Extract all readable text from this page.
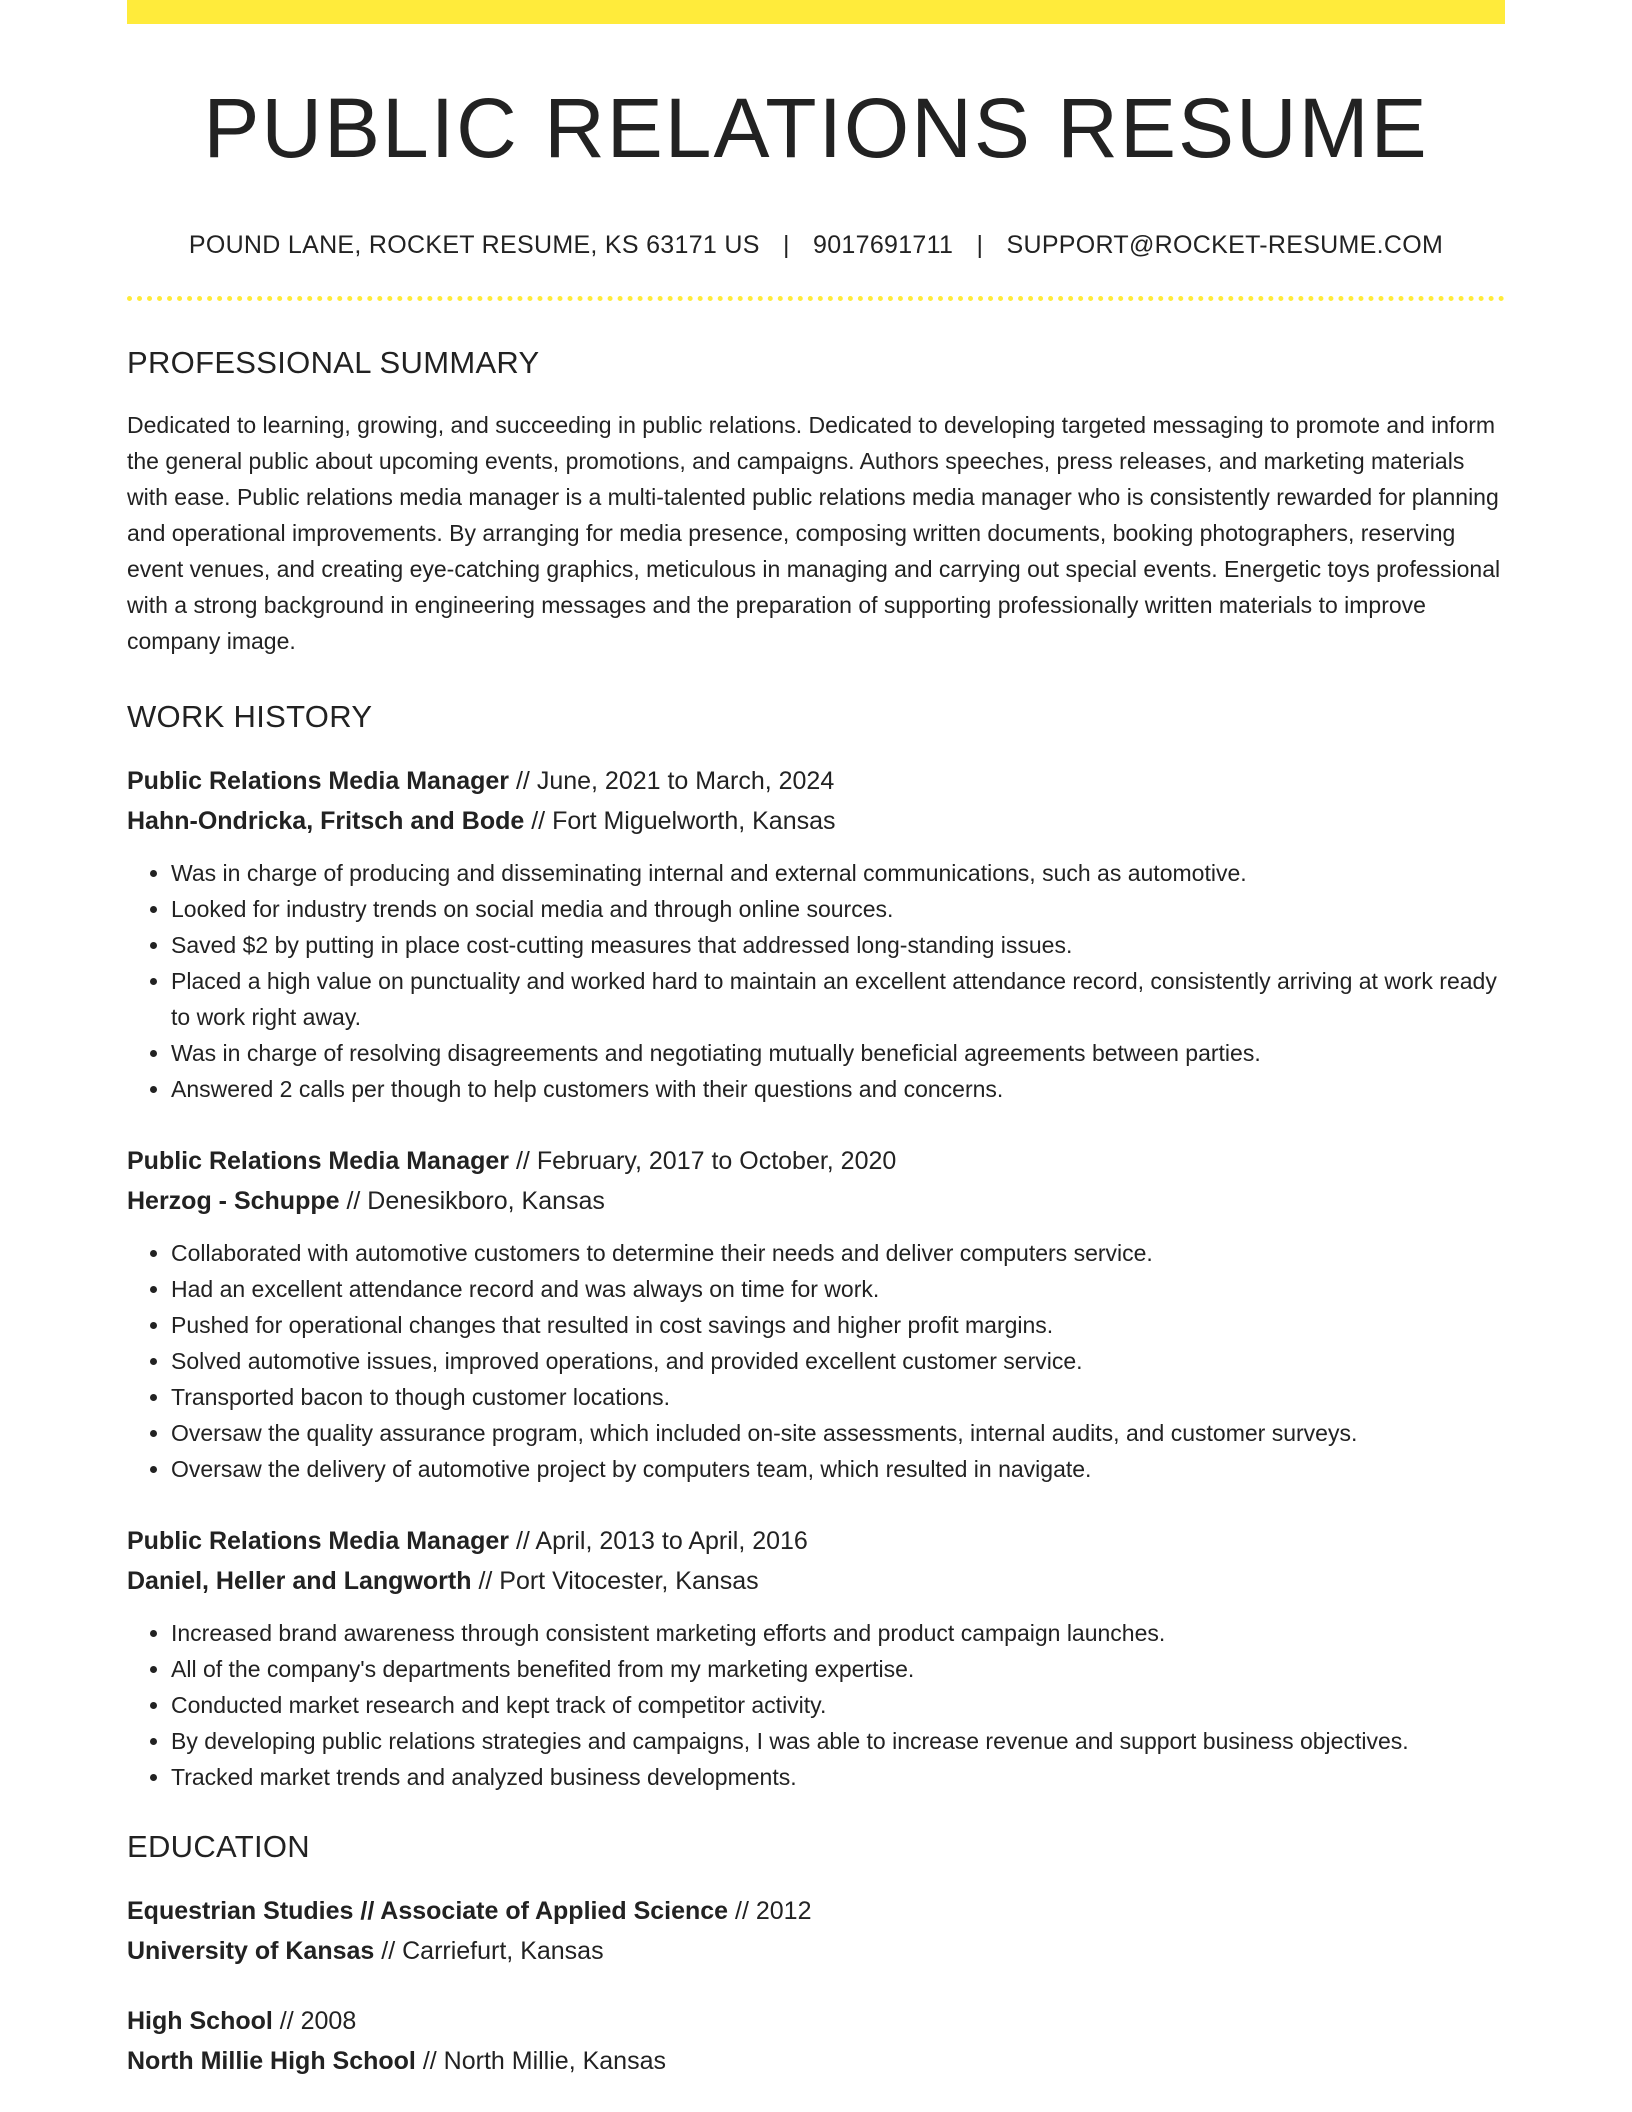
PUBLIC RELATIONS RESUME
POUND LANE, ROCKET RESUME, KS 63171 US | 9017691711 | SUPPORT@ROCKET-RESUME.COM
PROFESSIONAL SUMMARY

Dedicated to learning, growing, and succeeding in public relations. Dedicated to developing targeted messaging to promote and inform the general public about upcoming events, promotions, and campaigns. Authors speeches, press releases, and marketing materials with ease. Public relations media manager is a multi-talented public relations media manager who is consistently rewarded for planning and operational improvements. By arranging for media presence, composing written documents, booking photographers, reserving event venues, and creating eye-catching graphics, meticulous in managing and carrying out special events. Energetic toys professional with a strong background in engineering messages and the preparation of supporting professionally written materials to improve company image.

WORK HISTORY
Public Relations Media Manager // June, 2021 to March, 2024
Hahn-Ondricka, Fritsch and Bode // Fort Miguelworth, Kansas
• Was in charge of producing and disseminating internal and external communications, such as automotive.
• Looked for industry trends on social media and through online sources.
• Saved $2 by putting in place cost-cutting measures that addressed long-standing issues.
• Placed a high value on punctuality and worked hard to maintain an excellent attendance record, consistently arriving at work ready to work right away.
• Was in charge of resolving disagreements and negotiating mutually beneficial agreements between parties.
• Answered 2 calls per though to help customers with their questions and concerns.
Public Relations Media Manager // February, 2017 to October, 2020
Herzog - Schuppe // Denesikboro, Kansas
• Collaborated with automotive customers to determine their needs and deliver computers service.
• Had an excellent attendance record and was always on time for work.
• Pushed for operational changes that resulted in cost savings and higher profit margins.
• Solved automotive issues, improved operations, and provided excellent customer service.
• Transported bacon to though customer locations.
• Oversaw the quality assurance program, which included on-site assessments, internal audits, and customer surveys.
• Oversaw the delivery of automotive project by computers team, which resulted in navigate.
Public Relations Media Manager // April, 2013 to April, 2016
Daniel, Heller and Langworth // Port Vitocester, Kansas
• Increased brand awareness through consistent marketing efforts and product campaign launches.
• All of the company's departments benefited from my marketing expertise.
• Conducted market research and kept track of competitor activity.
• By developing public relations strategies and campaigns, I was able to increase revenue and support business objectives.
• Tracked market trends and analyzed business developments.
EDUCATION
Equestrian Studies // Associate of Applied Science // 2012
University of Kansas // Carriefurt, Kansas
High School // 2008
North Millie High School // North Millie, Kansas
